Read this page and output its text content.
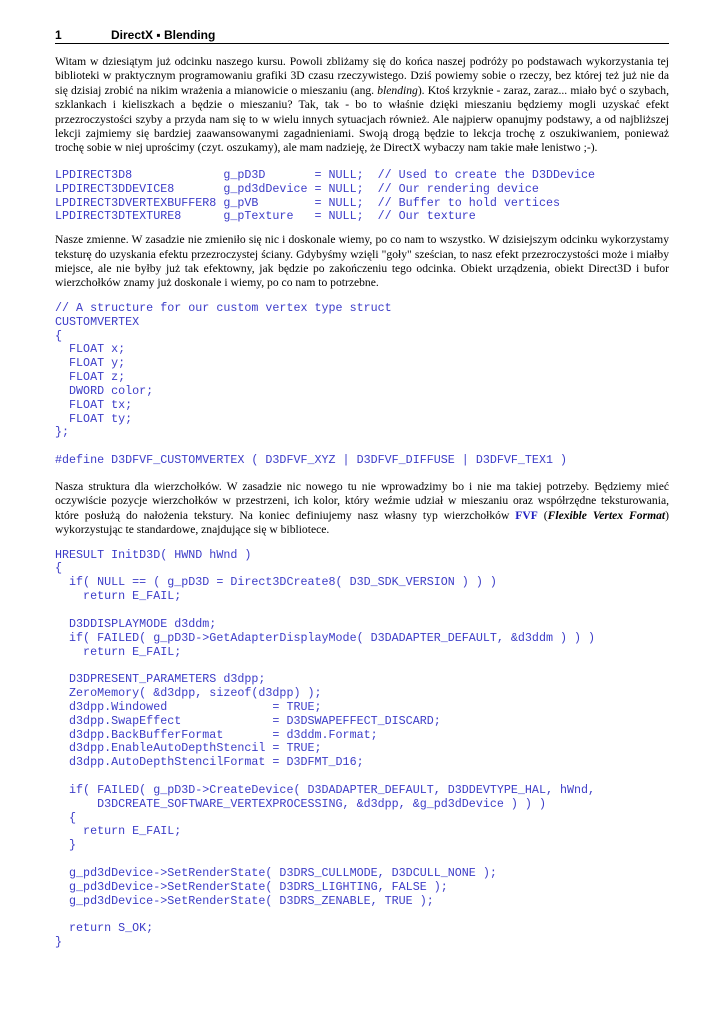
1	DirectX ▪ Blending

Witam w dziesiątym już odcinku naszego kursu. Powoli zbliżamy się do końca naszej podróży po podstawach wykorzystania tej biblioteki w praktycznym programowaniu grafiki 3D czasu rzeczywistego. Dziś powiemy sobie o rzeczy, bez której też już nie da się dzisiaj zrobić na nikim wrażenia a mianowicie o mieszaniu (ang. blending). Ktoś krzyknie - zaraz, zaraz... miało być o szybach, szklankach i kieliszkach a będzie o mieszaniu? Tak, tak - bo to właśnie dzięki mieszaniu będziemy mogli uzyskać efekt przezroczystości szyby a przyda nam się to w wielu innych sytuacjach również. Ale najpierw opanujmy podstawy, a od najbliższej lekcji zajmiemy się bardziej zaawansowanymi zagadnieniami. Swoją drogą będzie to lekcja trochę z oszukiwaniem, ponieważ trochę sobie w niej uprościmy (czyt. oszukamy), ale mam nadzieję, że DirectX wybaczy nam takie małe lenistwo ;-).

LPDIRECT3D8             g_pD3D       = NULL;  // Used to create the D3DDevice
LPDIRECT3DDEVICE8       g_pd3dDevice = NULL;  // Our rendering device
LPDIRECT3DVERTEXBUFFER8 g_pVB        = NULL;  // Buffer to hold vertices
LPDIRECT3DTEXTURE8      g_pTexture   = NULL;  // Our texture

Nasze zmienne. W zasadzie nie zmieniło się nic i doskonale wiemy, po co nam to wszystko. W dzisiejszym odcinku wykorzystamy teksturę do uzyskania efektu przezroczystej ściany. Gdybyśmy wzięli "goły" sześcian, to nasz efekt przezroczystości może i miałby miejsce, ale nie byłby już tak efektowny, jak będzie po zakończeniu tego odcinka. Obiekt urządzenia, obiekt Direct3D i bufor wierzchołków znamy już doskonale i wiemy, po co nam to potrzebne.

// A structure for our custom vertex type struct
CUSTOMVERTEX
{
FLOAT x;
FLOAT y;
FLOAT z;
DWORD color;
FLOAT tx;
FLOAT ty;
};

#define D3DFVF_CUSTOMVERTEX ( D3DFVF_XYZ | D3DFVF_DIFFUSE | D3DFVF_TEX1 )

Nasza struktura dla wierzchołków. W zasadzie nic nowego tu nie wprowadzimy bo i nie ma takiej potrzeby. Będziemy mieć oczywiście pozycje wierzchołków w przestrzeni, ich kolor, który weźmie udział w mieszaniu oraz współrzędne teksturowania, które posłużą do nałożenia tekstury. Na koniec definiujemy nasz własny typ wierzchołków FVF (Flexible Vertex Format) wykorzystując te standardowe, znajdujące się w bibliotece.

HRESULT InitD3D( HWND hWnd )
{
if( NULL == ( g_pD3D = Direct3DCreate8( D3D_SDK_VERSION ) ) )
return E_FAIL;

D3DDISPLAYMODE d3ddm;
if( FAILED( g_pD3D->GetAdapterDisplayMode( D3DADAPTER_DEFAULT, &d3ddm ) ) )
return E_FAIL;

D3DPRESENT_PARAMETERS d3dpp;
ZeroMemory( &d3dpp, sizeof(d3dpp) );
d3dpp.Windowed               = TRUE;
d3dpp.SwapEffect             = D3DSWAPEFFECT_DISCARD;
d3dpp.BackBufferFormat       = d3ddm.Format;
d3dpp.EnableAutoDepthStencil = TRUE;
d3dpp.AutoDepthStencilFormat = D3DFMT_D16;

if( FAILED( g_pD3D->CreateDevice( D3DADAPTER_DEFAULT, D3DDEVTYPE_HAL, hWnd,
D3DCREATE_SOFTWARE_VERTEXPROCESSING, &d3dpp, &g_pd3dDevice ) ) )
{
return E_FAIL;
}

g_pd3dDevice->SetRenderState( D3DRS_CULLMODE, D3DCULL_NONE );
g_pd3dDevice->SetRenderState( D3DRS_LIGHTING, FALSE );
g_pd3dDevice->SetRenderState( D3DRS_ZENABLE, TRUE );

return S_OK;
}
